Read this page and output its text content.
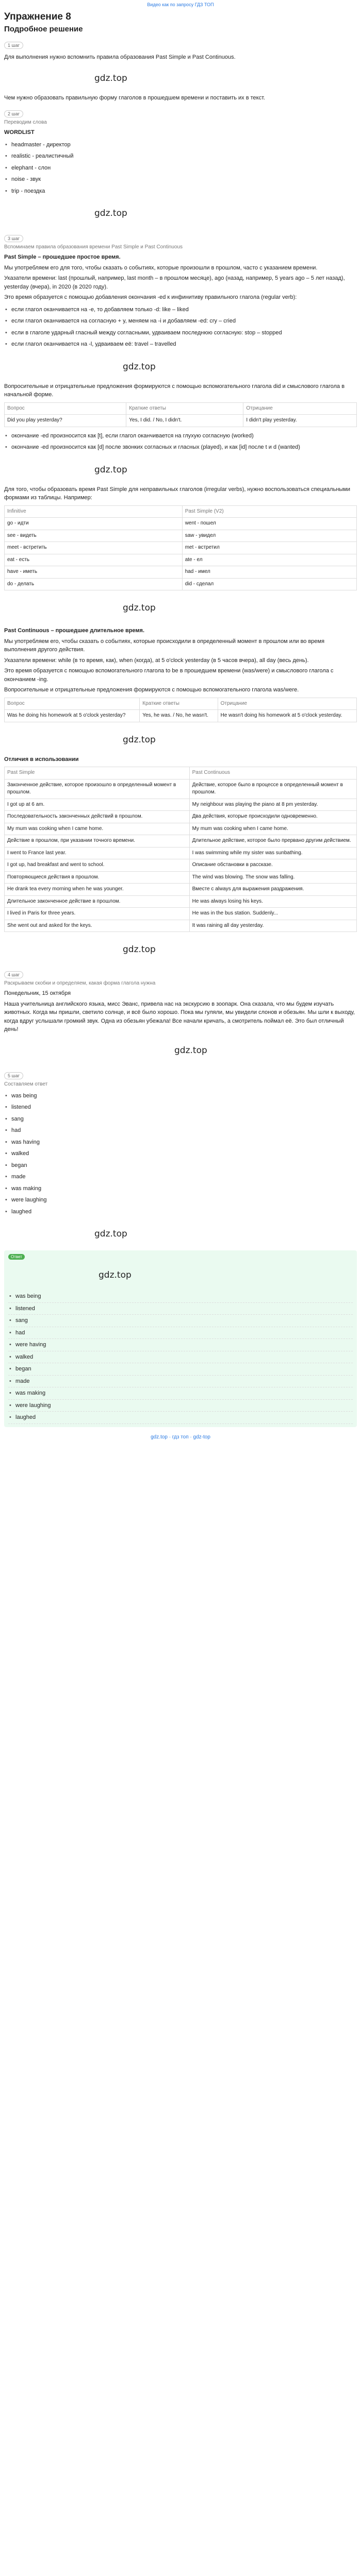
Видео как по запросу ГДЗ ТОП
Упражнение 8
Подробное решение
1 шаг

Для выполнения нужно вспомнить правила образования Past Simple и Past Continuous.

gdz.top

Чем нужно образовать правильную форму глаголов в прошедшем времени и поставить их в текст.

2 шаг
Переводим слова

WORDLIST

• headmaster - директор
• realistic - реалистичный
• elephant - слон
• noise - звук
• trip - поездка
gdz.top
3 шаг
Вспоминаем правила образования времени Past Simple и Past Continuous

Past Simple – прошедшее простое время.

Мы употребляем его для того, чтобы сказать о событиях, которые произошли в прошлом, часто с указанием времени.

Указатели времени: last (прошлый, например, last month – в прошлом месяце), ago (назад, например, 5 years ago – 5 лет назад), yesterday (вчера), in 2020 (в 2020 году).

Это время образуется с помощью добавления окончания -ed к инфинитиву правильного глагола (regular verb):

• если глагол оканчивается на -e, то добавляем только -d: like – liked
• если глагол оканчивается на согласную + y, меняем на -i и добавляем -ed: cry – cried
• если в глаголе ударный гласный между согласными, удваиваем последнюю согласную: stop – stopped
• если глагол оканчивается на -l, удваиваем её: travel – travelled
gdz.top

Вопросительные и отрицательные предложения формируются с помощью вспомогательного глагола did и смыслового глагола в начальной форме.

Вопрос	Краткие ответы	Отрицание
Did you play yesterday?	Yes, I did. / No, I didn't.	I didn't play yesterday.
• окончание -ed произносится как [t], если глагол оканчивается на глухую согласную (worked)
• окончание -ed произносится как [d] после звонких согласных и гласных (played), и как [id] после t и d (wanted)
gdz.top

Для того, чтобы образовать время Past Simple для неправильных глаголов (irregular verbs), нужно воспользоваться специальными формами из таблицы. Например:

Infinitive	Past Simple (V2)
go - идти	went - пошел
see - видеть	saw - увидел
meet - встретить	met - встретил
eat - есть	ate - ел
have - иметь	had - имел
do - делать	did - сделал
gdz.top

Past Continuous – прошедшее длительное время.

Мы употребляем его, чтобы сказать о событиях, которые происходили в определенный момент в прошлом или во время выполнения другого действия.

Указатели времени: while (в то время, как), when (когда), at 5 o'clock yesterday (в 5 часов вчера), all day (весь день).

Это время образуется с помощью вспомогательного глагола to be в прошедшем времени (was/were) и смыслового глагола с окончанием -ing.

Вопросительные и отрицательные предложения формируются с помощью вспомогательного глагола was/were.

Вопрос	Краткие ответы	Отрицание
Was he doing his homework at 5 o'clock yesterday?	Yes, he was. / No, he wasn't.	He wasn't doing his homework at 5 o'clock yesterday.
gdz.top

Отличия в использовании

Past Simple	Past Continuous
Законченное действие, которое произошло в определенный момент в прошлом.	Действие, которое было в процессе в определенный момент в прошлом.
I got up at 6 am.	My neighbour was playing the piano at 8 pm yesterday.
Последовательность законченных действий в прошлом.	Два действия, которые происходили одновременно.
My mum was cooking when I came home.	My mum was cooking when I came home.
Действие в прошлом, при указании точного времени.	Длительное действие, которое было прервано другим действием.
I went to France last year.	I was swimming while my sister was sunbathing.
I got up, had breakfast and went to school.	Описание обстановки в рассказе.
Повторяющиеся действия в прошлом.	The wind was blowing. The snow was falling.
He drank tea every morning when he was younger.	Вместе с always для выражения раздражения.
Длительное законченное действие в прошлом.	He was always losing his keys.
I lived in Paris for three years.	He was in the bus station. Suddenly...
She went out and asked for the keys.	It was raining all day yesterday.
gdz.top
4 шаг
Раскрываем скобки и определяем, какая форма глагола нужна

Понедельник, 15 октября

Наша учительница английского языка, мисс Эванс, привела нас на экскурсию в зоопарк. Она сказала, что мы будем изучать животных. Когда мы пришли, светило солнце, и всё было хорошо. Пока мы гуляли, мы увидели слонов и обезьян. Мы шли к выходу, когда вдруг услышали громкий звук. Одна из обезьян убежала! Все начали кричать, а смотритель поймал её. Это был отличный день!

gdz.top
5 шаг
Составляем ответ
• was being
• listened
• sang
• had
• was having
• walked
• began
• made
• was making
• were laughing
• laughed
gdz.top
Ответ
gdz.top
• was being
• listened
• sang
• had
• were having
• walked
• began
• made
• was making
• were laughing
• laughed
gdz.top · гдз топ · gdz-top
